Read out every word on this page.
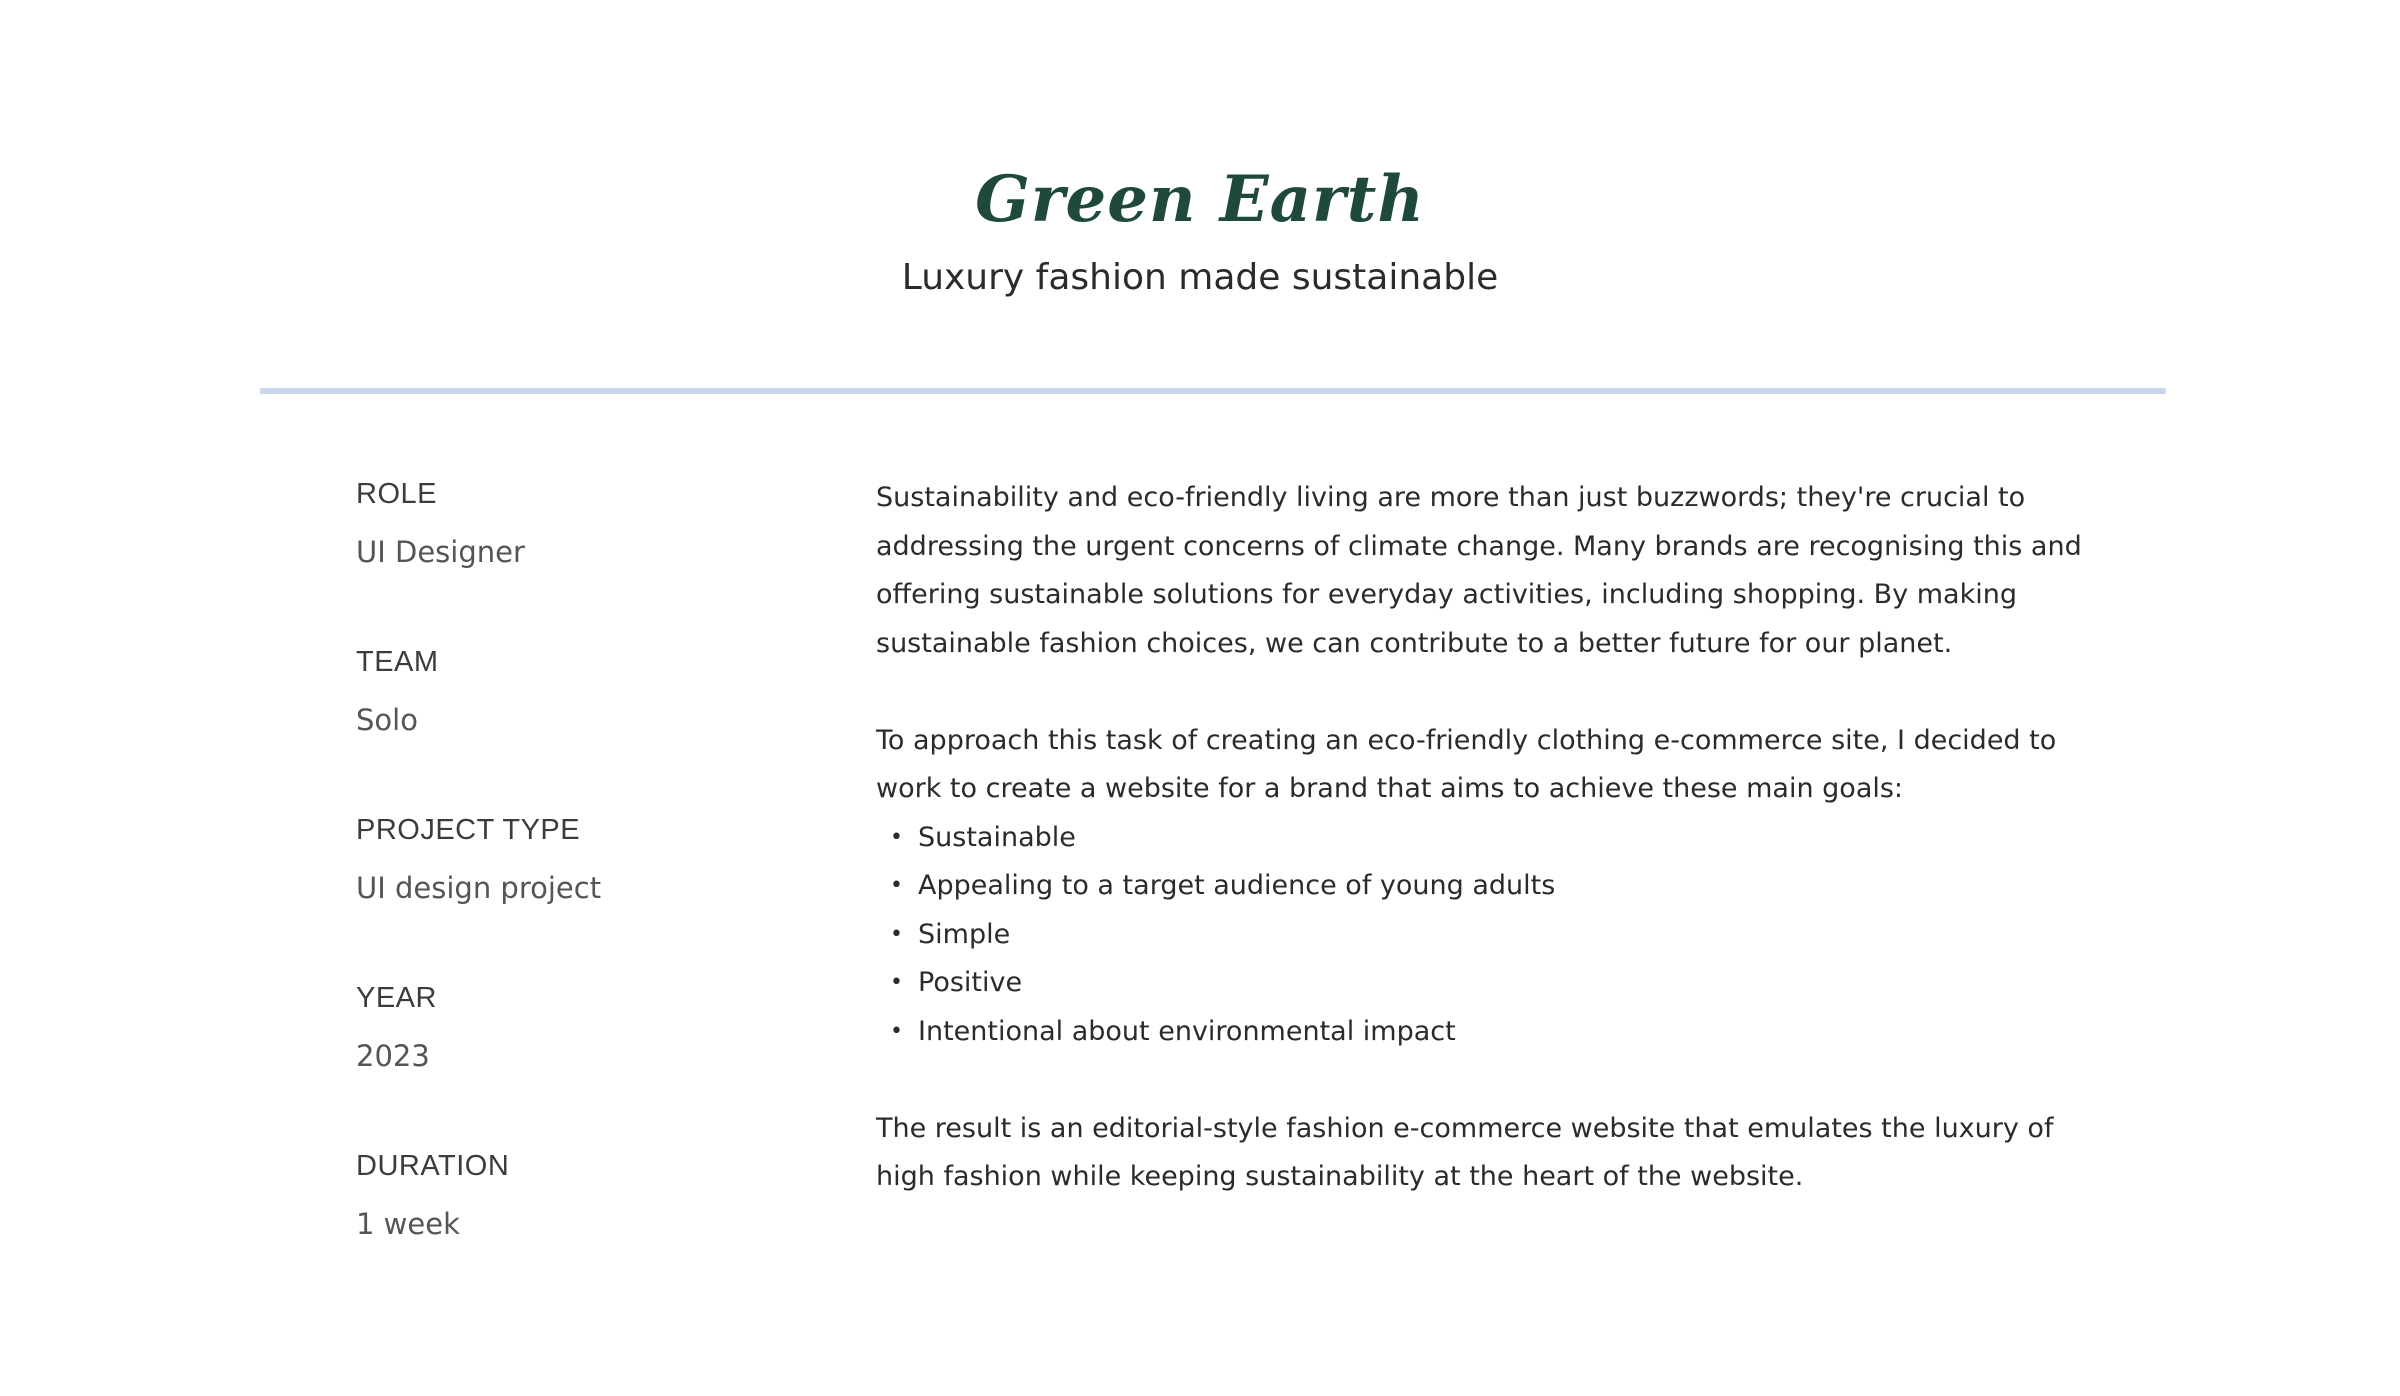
Green Earth

Luxury fashion made sustainable

ROLE
UI Designer
TEAM
Solo
PROJECT TYPE
UI design project
YEAR
2023
DURATION
1 week

Sustainability and eco-friendly living are more than just buzzwords; they're crucial to addressing the urgent concerns of climate change. Many brands are recognising this and offering sustainable solutions for everyday activities, including shopping. By making sustainable fashion choices, we can contribute to a better future for our planet.

To approach this task of creating an eco-friendly clothing e-commerce site, I decided to work to create a website for a brand that aims to achieve these main goals:

• Sustainable
• Appealing to a target audience of young adults
• Simple
• Positive
• Intentional about environmental impact

The result is an editorial-style fashion e-commerce website that emulates the luxury of high fashion while keeping sustainability at the heart of the website.
